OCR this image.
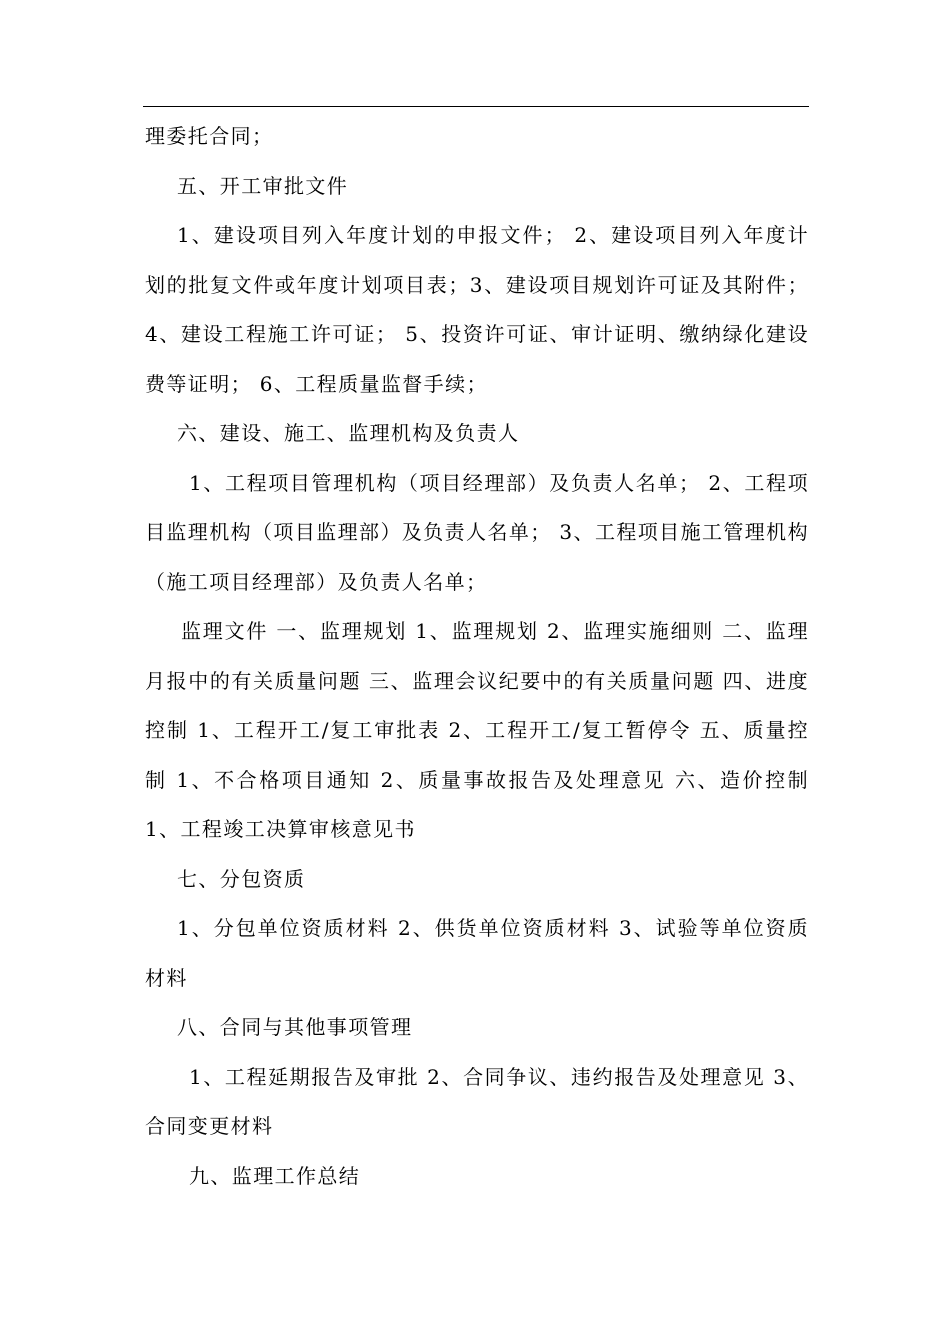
理委托合同；

五、开工审批文件

1、建设项目列入年度计划的申报文件； 2、建设项目列入年度计划的批复文件或年度计划项目表；3、建设项目规划许可证及其附件；4、建设工程施工许可证； 5、投资许可证、审计证明、缴纳绿化建设费等证明； 6、工程质量监督手续；

六、建设、施工、监理机构及负责人

1、工程项目管理机构（项目经理部）及负责人名单； 2、工程项目监理机构（项目监理部）及负责人名单； 3、工程项目施工管理机构（施工项目经理部）及负责人名单；

监理文件 一、监理规划 1、监理规划 2、监理实施细则 二、监理月报中的有关质量问题 三、监理会议纪要中的有关质量问题 四、进度控制 1、工程开工/复工审批表 2、工程开工/复工暂停令 五、质量控制 1、不合格项目通知 2、质量事故报告及处理意见 六、造价控制 1、工程竣工决算审核意见书

七、分包资质

1、分包单位资质材料 2、供货单位资质材料 3、试验等单位资质材料

八、合同与其他事项管理

1、工程延期报告及审批 2、合同争议、违约报告及处理意见 3、合同变更材料

九、监理工作总结
